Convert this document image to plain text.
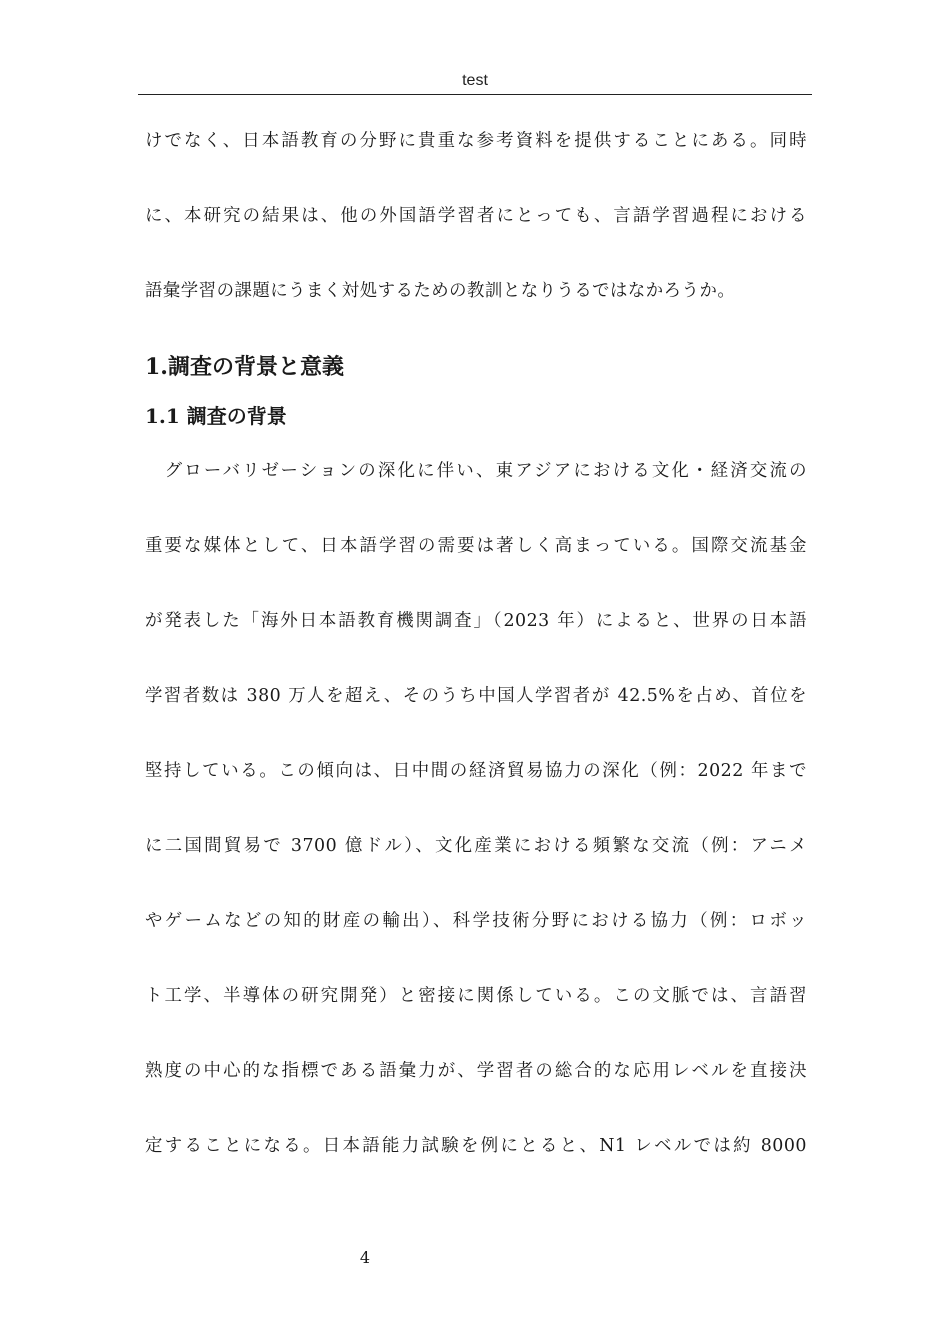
test
けでなく、日本語教育の分野に貴重な参考資料を提供することにある。同時
に、本研究の結果は、他の外国語学習者にとっても、言語学習過程における
語彙学習の課題にうまく対処するための教訓となりうるではなかろうか。
1.調査の背景と意義
1.1 調査の背景
　グローバリゼーションの深化に伴い、東アジアにおける文化・経済交流の
重要な媒体として、日本語学習の需要は著しく高まっている。国際交流基金
が発表した「海外日本語教育機関調査」（2023 年）によると、世界の日本語
学習者数は 380 万人を超え、そのうち中国人学習者が 42.5%を占め、首位を
堅持している。この傾向は、日中間の経済貿易協力の深化（例：2022 年まで
に二国間貿易で 3700 億ドル）、文化産業における頻繁な交流（例：アニメ
やゲームなどの知的財産の輸出）、科学技術分野における協力（例：ロボッ
ト工学、半導体の研究開発）と密接に関係している。この文脈では、言語習
熟度の中心的な指標である語彙力が、学習者の総合的な応用レベルを直接決
定することになる。日本語能力試験を例にとると、N1 レベルでは約 8000
4
